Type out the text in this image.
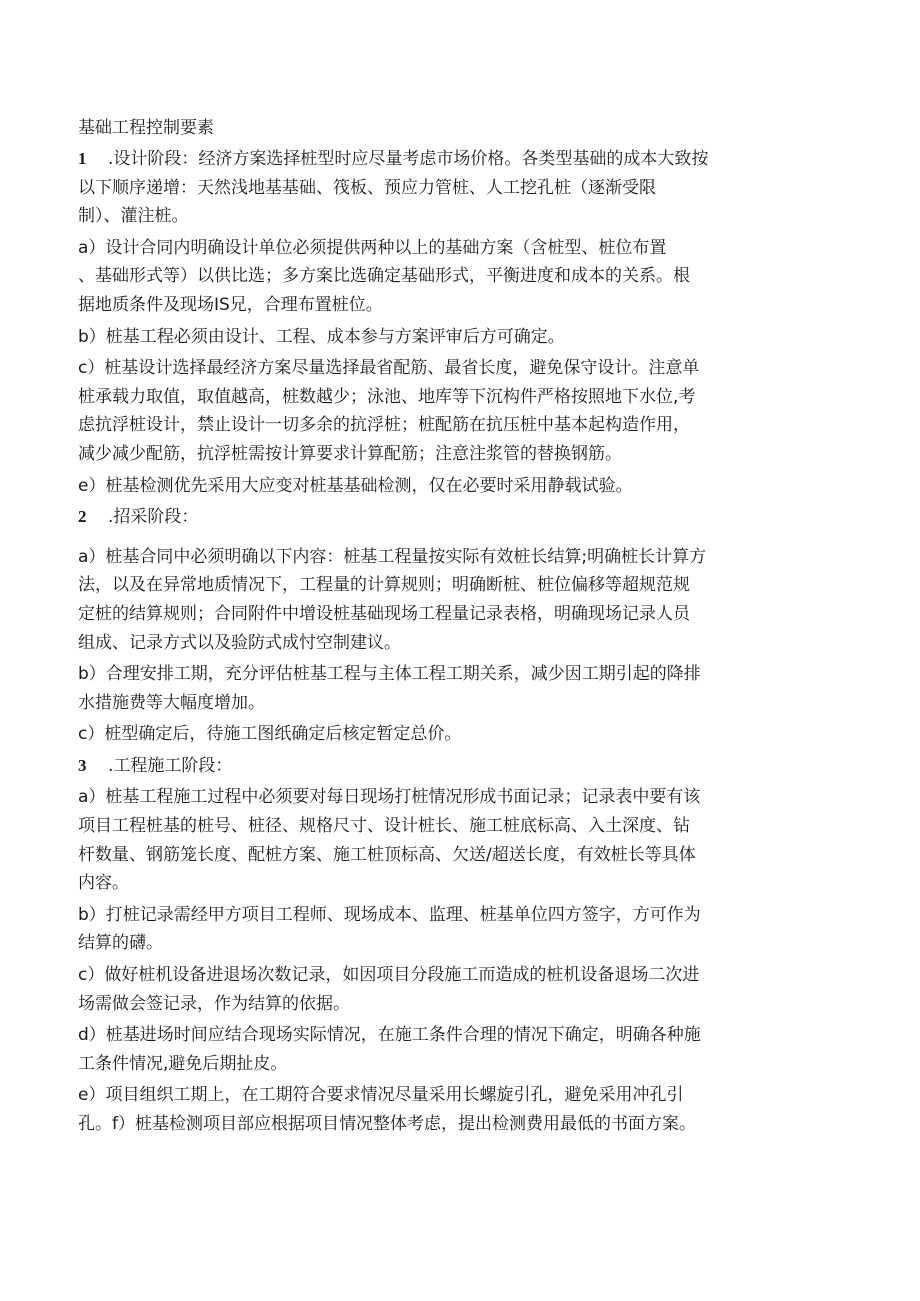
基础工程控制要素

1 .设计阶段：经济方案选择桩型时应尽量考虑市场价格。各类型基础的成本大致按

以下顺序递增：天然浅地基基础、筏板、预应力管桩、人工挖孔桩（逐渐受限

制）、灌注桩。

a）设计合同内明确设计单位必须提供两种以上的基础方案（含桩型、桩位布置

、基础形式等）以供比选；多方案比选确定基础形式，平衡进度和成本的关系。根

据地质条件及现场IS兄，合理布置桩位。

b）桩基工程必须由设计、工程、成本参与方案评审后方可确定。

c）桩基设计选择最经济方案尽量选择最省配筋、最省长度，避免保守设计。注意单

桩承载力取值，取值越高，桩数越少；泳池、地库等下沉构件严格按照地下水位,考

虑抗浮桩设计，禁止设计一切多余的抗浮桩；桩配筋在抗压桩中基本起构造作用，

减少减少配筋，抗浮桩需按计算要求计算配筋；注意注浆管的替换钢筋。

e）桩基检测优先采用大应变对桩基基础检测，仅在必要时采用静载试验。

2 .招采阶段：

a）桩基合同中必须明确以下内容：桩基工程量按实际有效桩长结算;明确桩长计算方

法，以及在异常地质情况下，工程量的计算规则；明确断桩、桩位偏移等超规范规

定桩的结算规则；合同附件中增设桩基础现场工程量记录表格，明确现场记录人员

组成、记录方式以及验防式成忖空制建议。

b）合理安排工期，充分评估桩基工程与主体工程工期关系，减少因工期引起的降排

水措施费等大幅度增加。

c）桩型确定后，待施工图纸确定后核定暂定总价。

3 .工程施工阶段：

a）桩基工程施工过程中必须要对每日现场打桩情况形成书面记录；记录表中要有该

项目工程桩基的桩号、桩径、规格尺寸、设计桩长、施工桩底标高、入土深度、钻

杆数量、钢筋笼长度、配桩方案、施工桩顶标高、欠送/超送长度，有效桩长等具体

内容。

b）打桩记录需经甲方项目工程师、现场成本、监理、桩基单位四方签字，方可作为

结算的礴。

c）做好桩机设备进退场次数记录，如因项目分段施工而造成的桩机设备退场二次进

场需做会签记录，作为结算的依据。

d）桩基进场时间应结合现场实际情况，在施工条件合理的情况下确定，明确各种施

工条件情况,避免后期扯皮。

e）项目组织工期上，在工期符合要求情况尽量采用长螺旋引孔，避免采用冲孔引

孔。f）桩基检测项目部应根据项目情况整体考虑，提出检测费用最低的书面方案。
